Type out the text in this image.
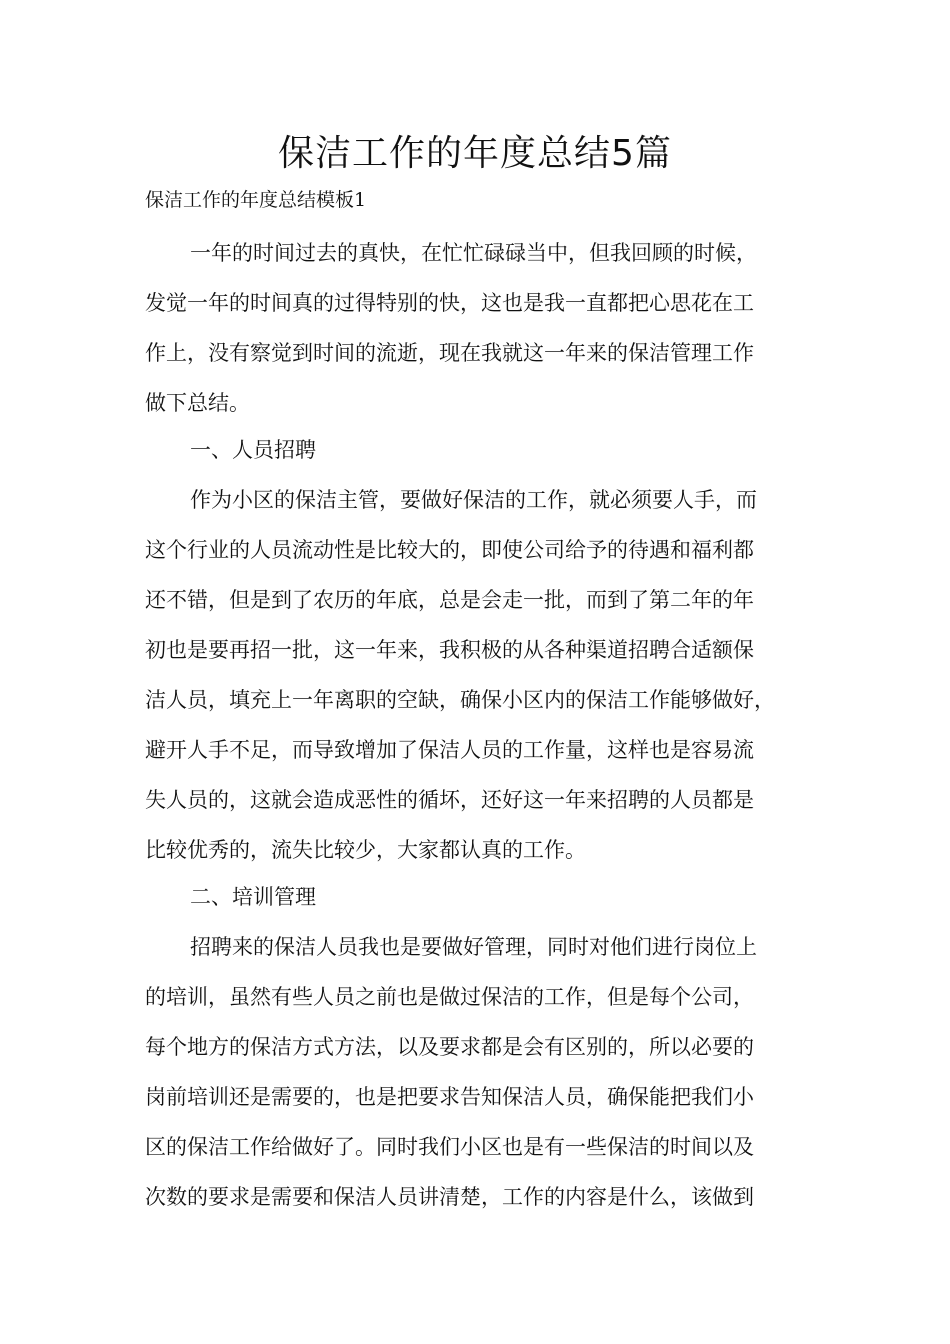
保洁工作的年度总结5篇

保洁工作的年度总结模板1

一年的时间过去的真快，在忙忙碌碌当中，但我回顾的时候，

发觉一年的时间真的过得特别的快，这也是我一直都把心思花在工

作上，没有察觉到时间的流逝，现在我就这一年来的保洁管理工作

做下总结。

一、人员招聘

作为小区的保洁主管，要做好保洁的工作，就必须要人手，而

这个行业的人员流动性是比较大的，即使公司给予的待遇和福利都

还不错，但是到了农历的年底，总是会走一批，而到了第二年的年

初也是要再招一批，这一年来，我积极的从各种渠道招聘合适额保

洁人员，填充上一年离职的空缺，确保小区内的保洁工作能够做好，

避开人手不足，而导致增加了保洁人员的工作量，这样也是容易流

失人员的，这就会造成恶性的循坏，还好这一年来招聘的人员都是

比较优秀的，流失比较少，大家都认真的工作。

二、培训管理

招聘来的保洁人员我也是要做好管理，同时对他们进行岗位上

的培训，虽然有些人员之前也是做过保洁的工作，但是每个公司，

每个地方的保洁方式方法，以及要求都是会有区别的，所以必要的

岗前培训还是需要的，也是把要求告知保洁人员，确保能把我们小

区的保洁工作给做好了。同时我们小区也是有一些保洁的时间以及

次数的要求是需要和保洁人员讲清楚，工作的内容是什么，该做到
